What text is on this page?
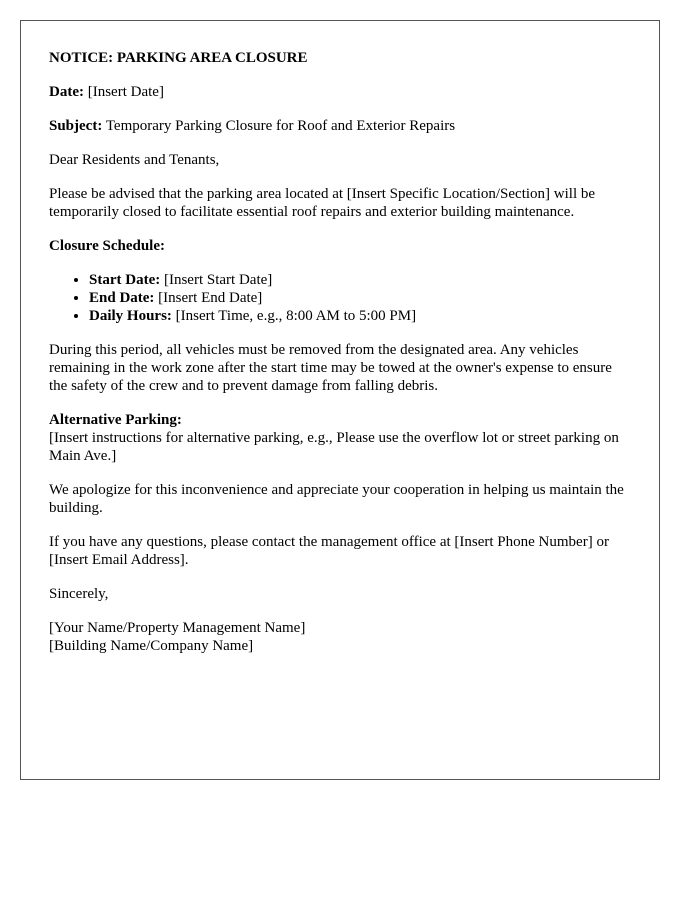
NOTICE: PARKING AREA CLOSURE

Date: [Insert Date]

Subject: Temporary Parking Closure for Roof and Exterior Repairs

Dear Residents and Tenants,

Please be advised that the parking area located at [Insert Specific Location/Section] will be temporarily closed to facilitate essential roof repairs and exterior building maintenance.

Closure Schedule:

• Start Date: [Insert Start Date]
• End Date: [Insert End Date]
• Daily Hours: [Insert Time, e.g., 8:00 AM to 5:00 PM]

During this period, all vehicles must be removed from the designated area. Any vehicles remaining in the work zone after the start time may be towed at the owner's expense to ensure the safety of the crew and to prevent damage from falling debris.

Alternative Parking:
[Insert instructions for alternative parking, e.g., Please use the overflow lot or street parking on Main Ave.]

We apologize for this inconvenience and appreciate your cooperation in helping us maintain the building.

If you have any questions, please contact the management office at [Insert Phone Number] or [Insert Email Address].

Sincerely,

[Your Name/Property Management Name]
[Building Name/Company Name]
